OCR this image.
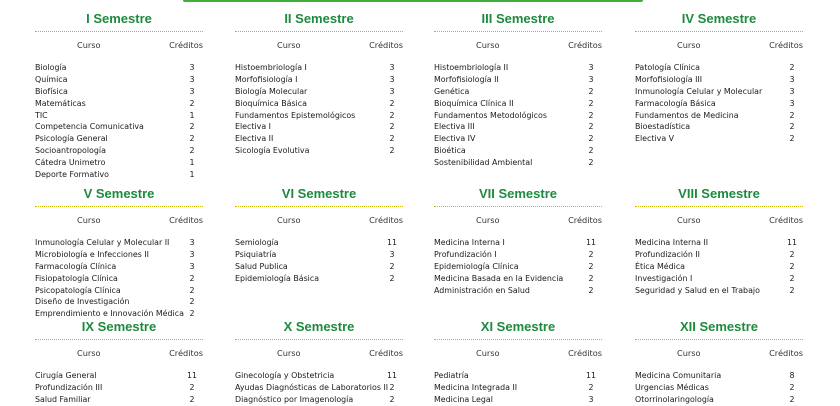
I Semestre
Curso	Créditos
Biología	3
Química	3
Biofísica	3
Matemáticas	2
TIC	1
Competencia Comunicativa	2
Psicología General	2
Socioantropología	2
Cátedra Unimetro	1
Deporte Formativo	1
II Semestre
Curso	Créditos
Histoembriología I	3
Morfofisiología I	3
Biología Molecular	3
Bioquímica Básica	2
Fundamentos Epistemológicos	2
Electiva I	2
Electiva II	2
Sicología Evolutiva	2
III Semestre
Curso	Créditos
Histoembriología II	3
Morfofisiología II	3
Genética	2
Bioquímica Clínica II	2
Fundamentos Metodológicos	2
Electiva III	2
Electiva IV	2
Bioética	2
Sostenibilidad Ambiental	2
IV Semestre
Curso	Créditos
Patología Clínica	2
Morfofisiología III	3
Inmunología Celular y Molecular	3
Farmacología Básica	3
Fundamentos de Medicina	2
Bioestadística	2
Electiva V	2
V Semestre
Curso	Créditos
Inmunología Celular y Molecular II	3
Microbiología e Infecciones II	3
Farmacología Clínica	3
Fisiopatología Clínica	2
Psicopatología Clínica	2
Diseño de Investigación	2
Emprendimiento e Innovación Médica 2
VI Semestre
Curso	Créditos
Semiología	11
Psiquiatría	3
Salud Publica	2
Epidemiología Básica	2
VII Semestre
Curso	Créditos
Medicina Interna I	11
Profundización I	2
Epidemiología Clínica	2
Medicina Basada en la Evidencia	2
Administración en Salud	2
VIII Semestre
Curso	Créditos
Medicina Interna II	11
Profundización II	2
Ética Médica	2
Investigación I	2
Seguridad y Salud en el Trabajo	2
IX Semestre
Curso	Créditos
Cirugía General	11
Profundización III	2
Salud Familiar	2
X Semestre
Curso	Créditos
Ginecología y Obstetricia	11
Ayudas Diagnósticas de Laboratorios II 2
Diagnóstico por Imagenología	2
XI Semestre
Curso	Créditos
Pediatría	11
Medicina Integrada II	2
Medicina Legal	3
XII Semestre
Curso	Créditos
Medicina Comunitaria	8
Urgencias Médicas	2
Otorrinolaringología	2
